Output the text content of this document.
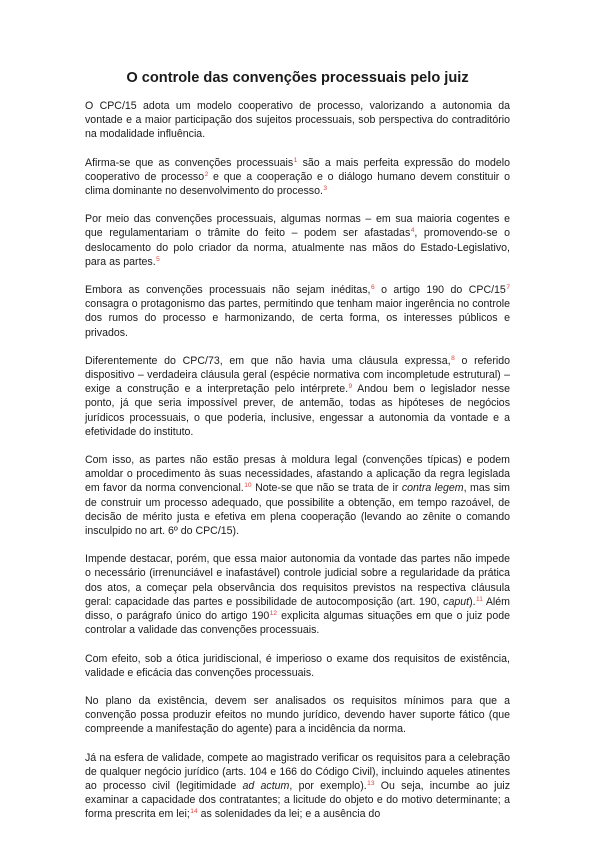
O controle das convenções processuais pelo juiz

O CPC/15 adota um modelo cooperativo de processo, valorizando a autonomia da vontade e a maior participação dos sujeitos processuais, sob perspectiva do contraditório na modalidade influência.

Afirma-se que as convenções processuais$^1$ são a mais perfeita expressão do modelo cooperativo de processo$^2$ e que a cooperação e o diálogo humano devem constituir o clima dominante no desenvolvimento do processo.$^3$

Por meio das convenções processuais, algumas normas – em sua maioria cogentes e que regulamentariam o trâmite do feito – podem ser afastadas$^4$, promovendo-se o deslocamento do polo criador da norma, atualmente nas mãos do Estado-Legislativo, para as partes.$^5$

Embora as convenções processuais não sejam inéditas,$^6$ o artigo 190 do CPC/15$^7$ consagra o protagonismo das partes, permitindo que tenham maior ingerência no controle dos rumos do processo e harmonizando, de certa forma, os interesses públicos e privados.

Diferentemente do CPC/73, em que não havia uma cláusula expressa,$^8$ o referido dispositivo – verdadeira cláusula geral (espécie normativa com incompletude estrutural) – exige a construção e a interpretação pelo intérprete.$^9$ Andou bem o legislador nesse ponto, já que seria impossível prever, de antemão, todas as hipóteses de negócios jurídicos processuais, o que poderia, inclusive, engessar a autonomia da vontade e a efetividade do instituto.

Com isso, as partes não estão presas à moldura legal (convenções típicas) e podem amoldar o procedimento às suas necessidades, afastando a aplicação da regra legislada em favor da norma convencional.$^{10}$ Note-se que não se trata de ir contra legem, mas sim de construir um processo adequado, que possibilite a obtenção, em tempo razoável, de decisão de mérito justa e efetiva em plena cooperação (levando ao zênite o comando insculpido no art. 6º do CPC/15).

Impende destacar, porém, que essa maior autonomia da vontade das partes não impede o necessário (irrenunciável e inafastável) controle judicial sobre a regularidade da prática dos atos, a começar pela observância dos requisitos previstos na respectiva cláusula geral: capacidade das partes e possibilidade de autocomposição (art. 190, caput).$^{11}$ Além disso, o parágrafo único do artigo 190$^{12}$ explicita algumas situações em que o juiz pode controlar a validade das convenções processuais.

Com efeito, sob a ótica juridiscional, é imperioso o exame dos requisitos de existência, validade e eficácia das convenções processuais.

No plano da existência, devem ser analisados os requisitos mínimos para que a convenção possa produzir efeitos no mundo jurídico, devendo haver suporte fático (que compreende a manifestação do agente) para a incidência da norma.

Já na esfera de validade, compete ao magistrado verificar os requisitos para a celebração de qualquer negócio jurídico (arts. 104 e 166 do Código Civil), incluindo aqueles atinentes ao processo civil (legitimidade ad actum, por exemplo).$^{13}$ Ou seja, incumbe ao juiz examinar a capacidade dos contratantes; a licitude do objeto e do motivo determinante; a forma prescrita em lei;$^{14}$ as solenidades da lei; e a ausência do
